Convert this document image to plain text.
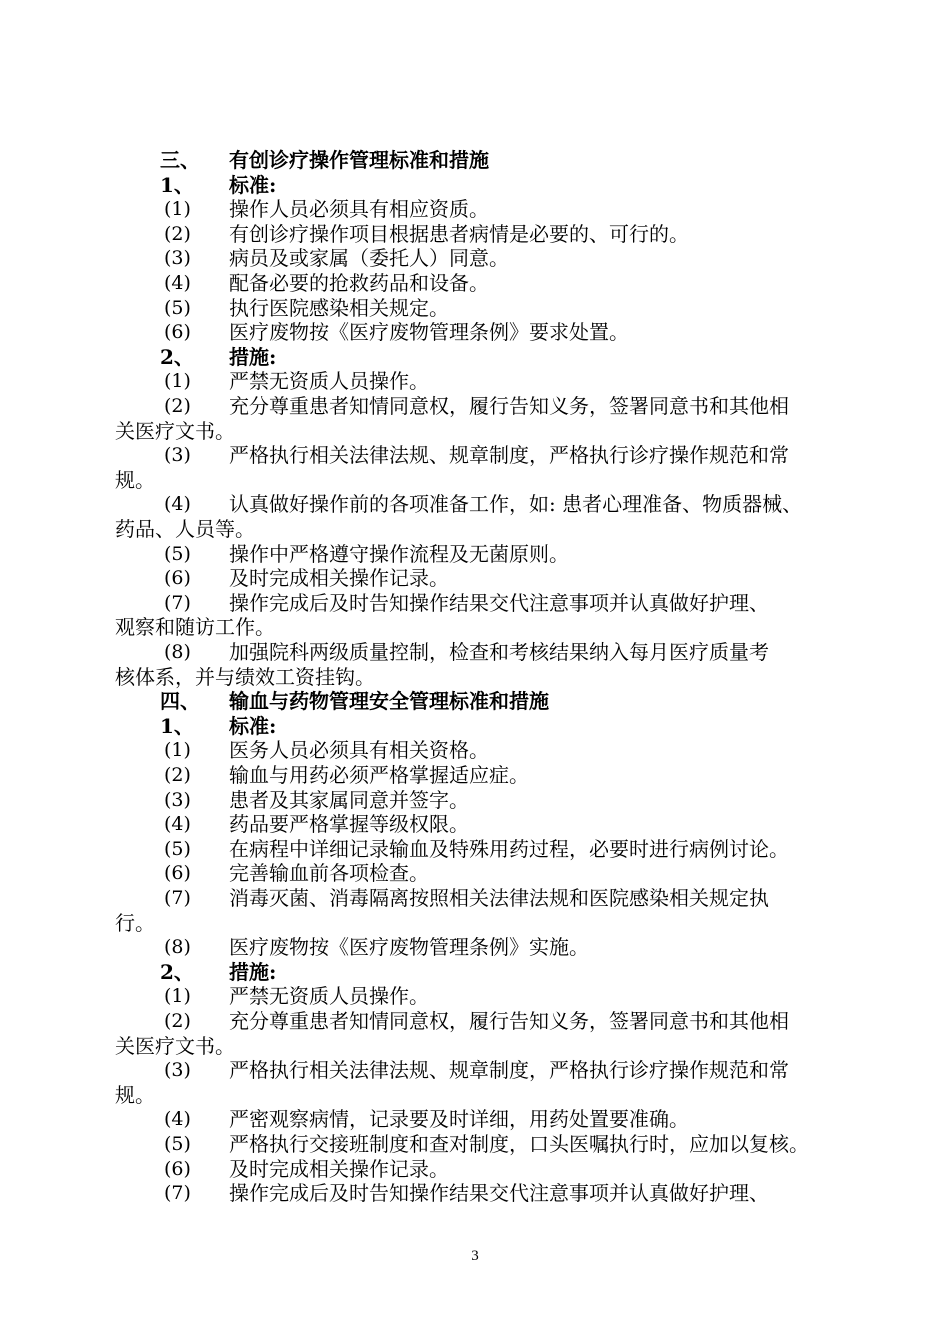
三、 有创诊疗操作管理标准和措施
1、 标准:
(1) 操作人员必须具有相应资质。
(2) 有创诊疗操作项目根据患者病情是必要的、可行的。
(3) 病员及或家属（委托人）同意。
(4) 配备必要的抢救药品和设备。
(5) 执行医院感染相关规定。
(6) 医疗废物按《医疗废物管理条例》要求处置。
2、 措施:
(1) 严禁无资质人员操作。
(2) 充分尊重患者知情同意权，履行告知义务，签署同意书和其他相
关医疗文书。
(3) 严格执行相关法律法规、规章制度，严格执行诊疗操作规范和常
规。
(4) 认真做好操作前的各项准备工作，如: 患者心理准备、物质器械、
药品、人员等。
(5) 操作中严格遵守操作流程及无菌原则。
(6) 及时完成相关操作记录。
(7) 操作完成后及时告知操作结果交代注意事项并认真做好护理、
观察和随访工作。
(8) 加强院科两级质量控制，检查和考核结果纳入每月医疗质量考
核体系，并与绩效工资挂钩。
四、 输血与药物管理安全管理标准和措施
1、 标准:
(1) 医务人员必须具有相关资格。
(2) 输血与用药必须严格掌握适应症。
(3) 患者及其家属同意并签字。
(4) 药品要严格掌握等级权限。
(5) 在病程中详细记录输血及特殊用药过程，必要时进行病例讨论。
(6) 完善输血前各项检查。
(7) 消毒灭菌、消毒隔离按照相关法律法规和医院感染相关规定执
行。
(8) 医疗废物按《医疗废物管理条例》实施。
2、 措施:
(1) 严禁无资质人员操作。
(2) 充分尊重患者知情同意权，履行告知义务，签署同意书和其他相
关医疗文书。
(3) 严格执行相关法律法规、规章制度，严格执行诊疗操作规范和常
规。
(4) 严密观察病情，记录要及时详细，用药处置要准确。
(5) 严格执行交接班制度和查对制度，口头医嘱执行时，应加以复核。
(6) 及时完成相关操作记录。
(7) 操作完成后及时告知操作结果交代注意事项并认真做好护理、
3
